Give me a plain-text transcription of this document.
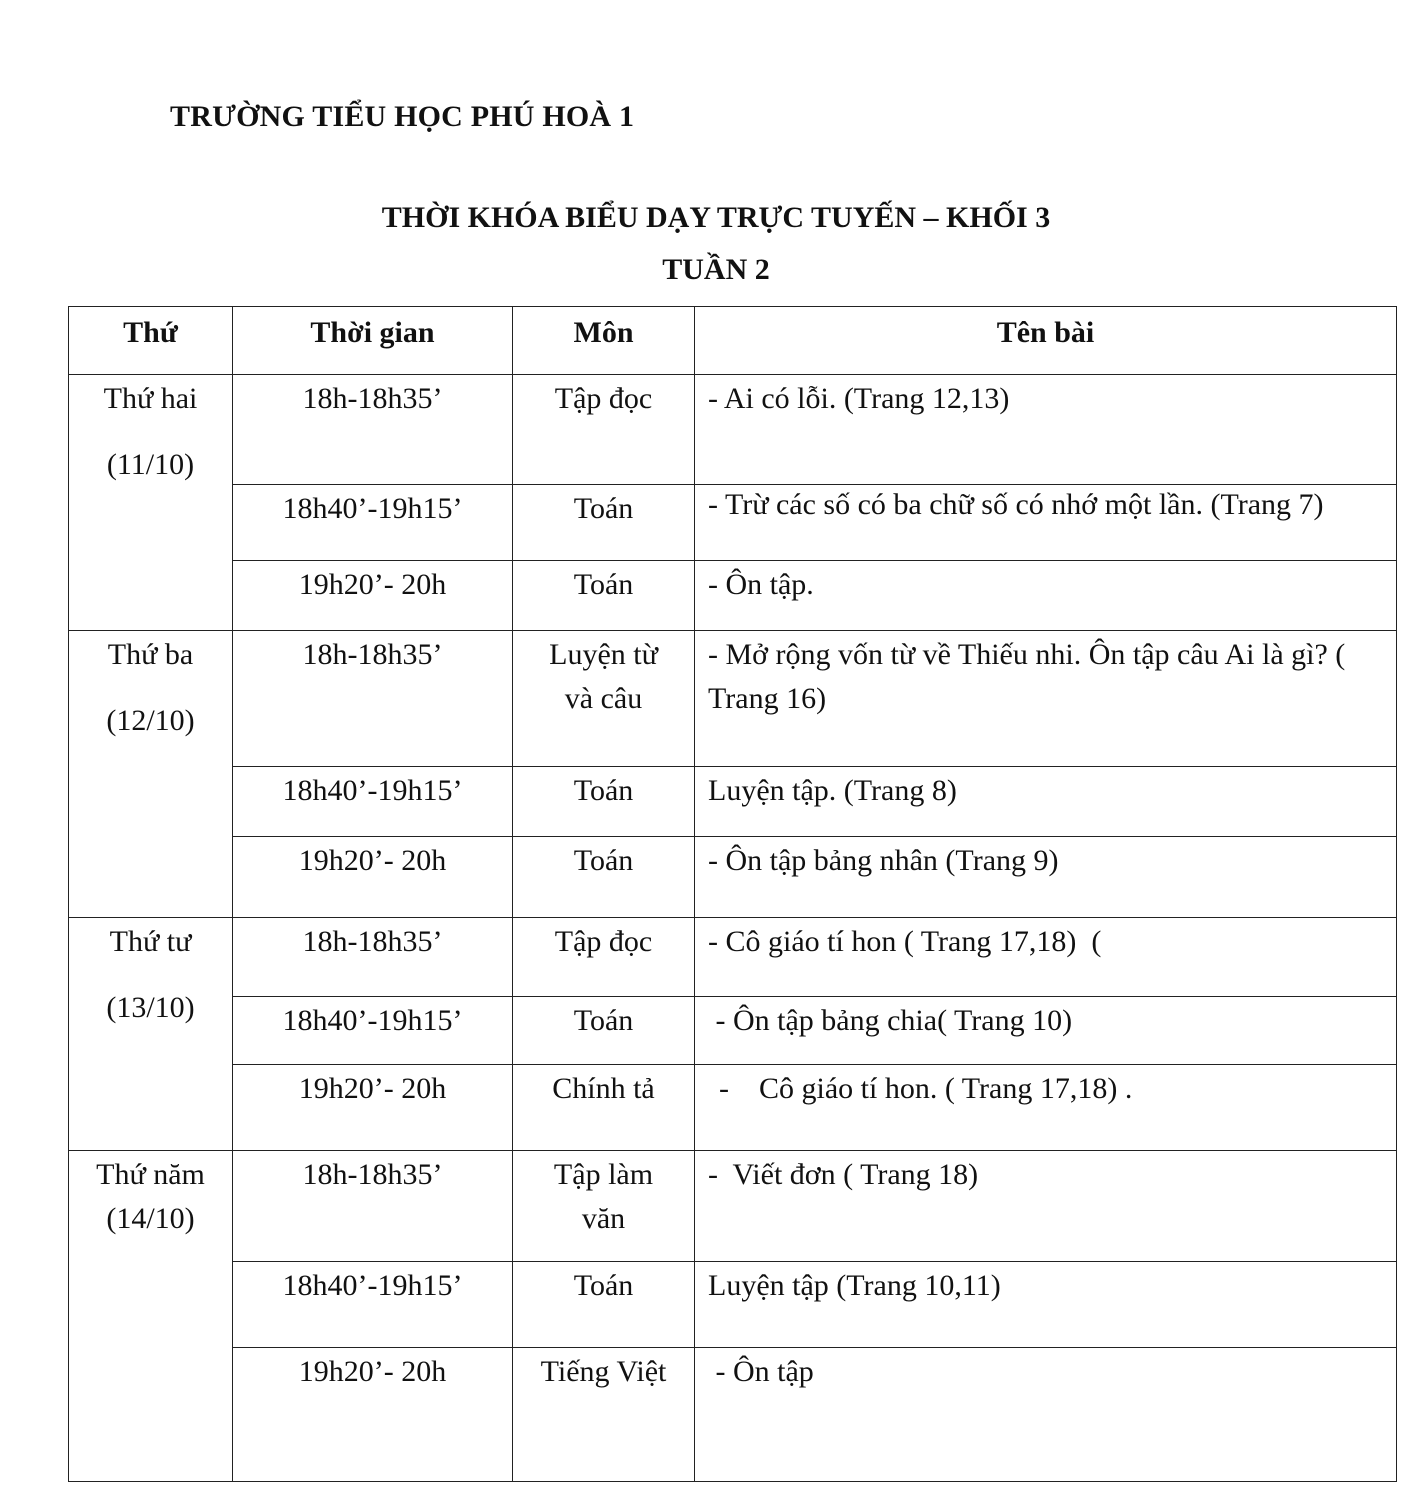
TRƯỜNG TIỂU HỌC PHÚ HOÀ 1
THỜI KHÓA BIỂU DẠY TRỰC TUYẾN – KHỐI 3
TUẦN 2
Thứ	Thời gian	Môn	Tên bài

Thứ hai
(11/10)	18h-18h35’	Tập đọc	- Ai có lỗi. (Trang 12,13)
	18h40’-19h15’	Toán	- Trừ các số có ba chữ số có nhớ một lần. (Trang 7)
	19h20’- 20h	Toán	- Ôn tập.

Thứ ba
(12/10)	18h-18h35’	Luyện từ và câu	- Mở rộng vốn từ về Thiếu nhi. Ôn tập câu Ai là gì? ( Trang 16)
	18h40’-19h15’	Toán	Luyện tập. (Trang 8)
	19h20’- 20h	Toán	- Ôn tập bảng nhân (Trang 9)

Thứ tư
(13/10)	18h-18h35’	Tập đọc	- Cô giáo tí hon ( Trang 17,18)  (
	18h40’-19h15’	Toán	- Ôn tập bảng chia( Trang 10)
	19h20’- 20h	Chính tả	-    Cô giáo tí hon. ( Trang 17,18) .

Thứ năm
(14/10)	18h-18h35’	Tập làm văn	-  Viết đơn ( Trang 18)
	18h40’-19h15’	Toán	Luyện tập (Trang 10,11)
	19h20’- 20h	Tiếng Việt	- Ôn tập
